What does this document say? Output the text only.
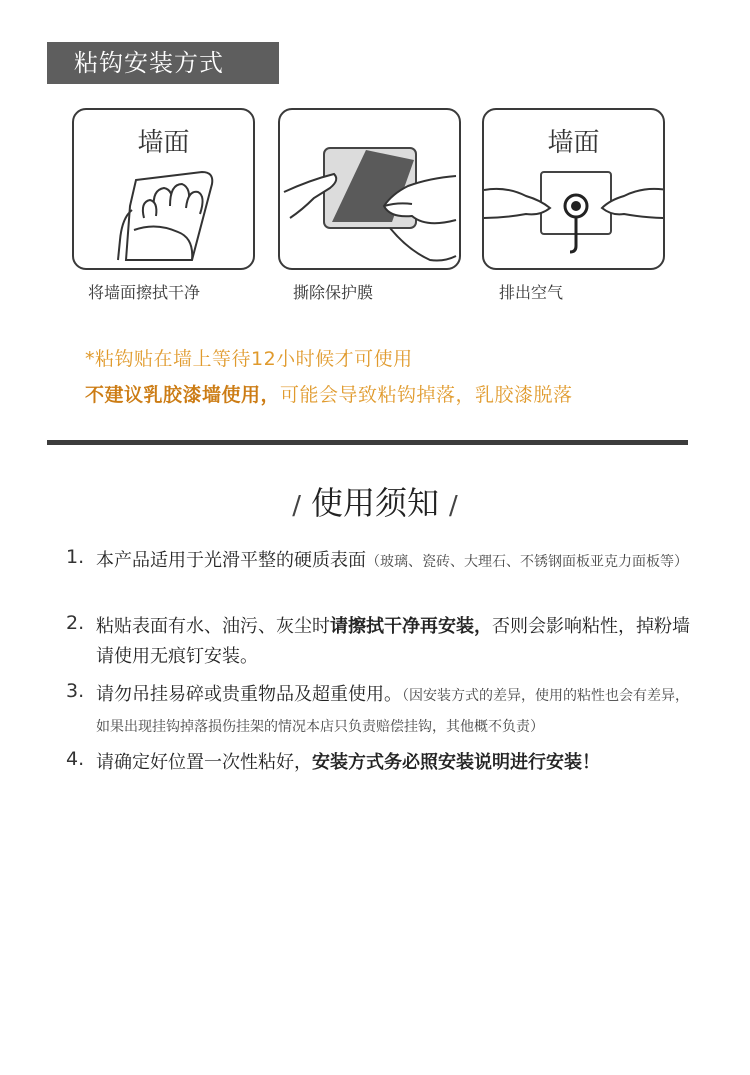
粘钩安装方式
墙面
将墙面擦拭干净	撕除保护膜
墙面
排出空气
*粘钩贴在墙上等待12小时候才可使用
不建议乳胶漆墙使用，可能会导致粘钩掉落，乳胶漆脱落
/ 使用须知 /
1. 本产品适用于光滑平整的硬质表面（玻璃、瓷砖、大理石、不锈钢面板亚克力面板等）
2. 粘贴表面有水、油污、灰尘时请擦拭干净再安装，否则会影响粘性，掉粉墙请使用无痕钉安装。
3. 请勿吊挂易碎或贵重物品及超重使用。（因安装方式的差异，使用的粘性也会有差异，如果出现挂钩掉落损伤挂架的情况本店只负责赔偿挂钩，其他概不负责）
4. 请确定好位置一次性粘好，安装方式务必照安装说明进行安装！
